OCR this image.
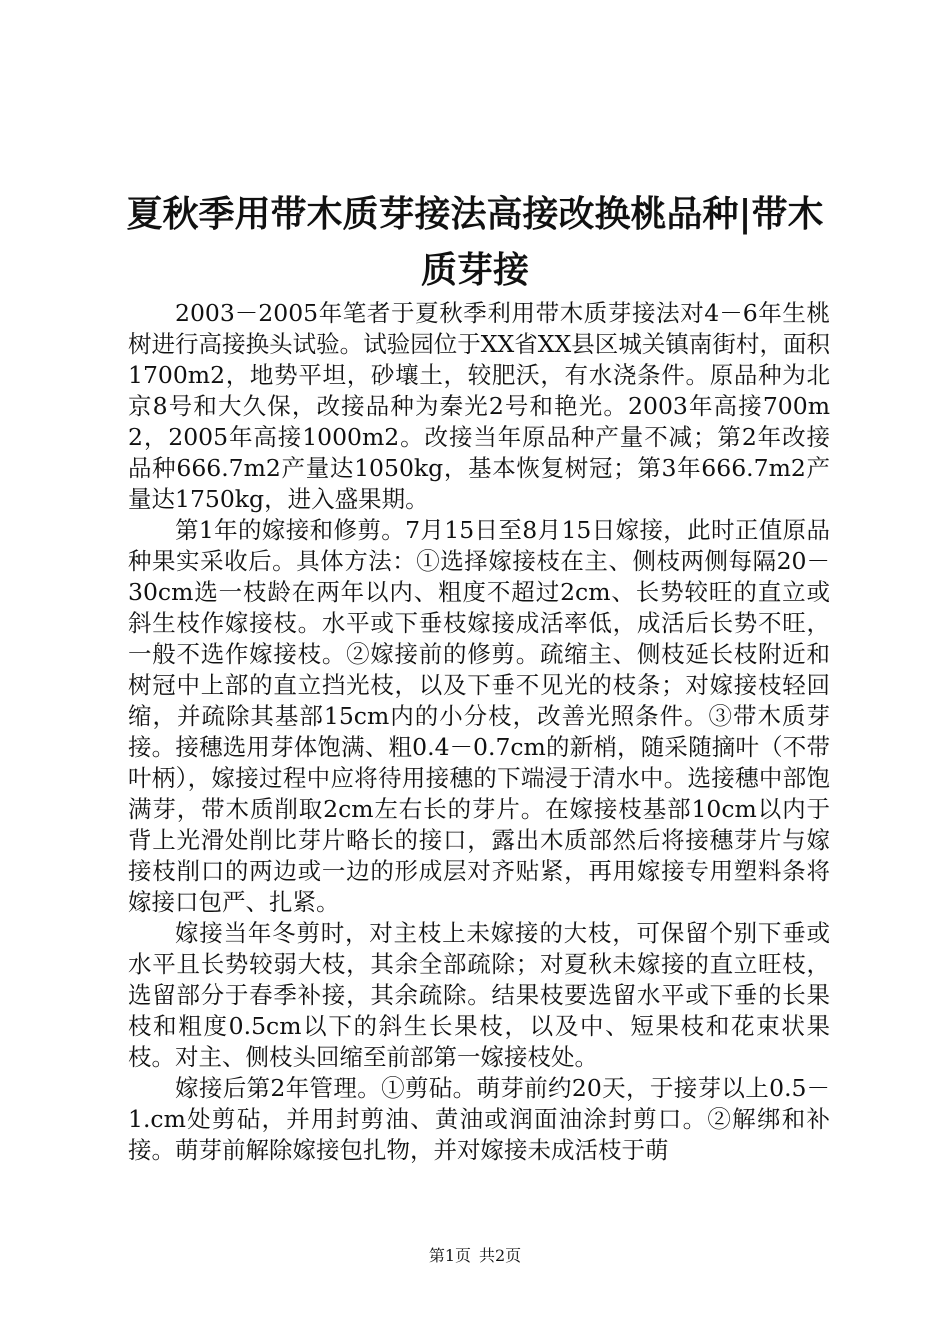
夏秋季用带木质芽接法高接改换桃品种|带木质芽接

2003－2005年笔者于夏秋季利用带木质芽接法对4－6年生桃树进行高接换头试验。试验园位于XX省XX县区城关镇南街村，面积1700m2，地势平坦，砂壤土，较肥沃，有水浇条件。原品种为北京8号和大久保，改接品种为秦光2号和艳光。2003年高接700m2，2005年高接1000m2。改接当年原品种产量不减；第2年改接品种666.7m2产量达1050kg，基本恢复树冠；第3年666.7m2产量达1750kg，进入盛果期。

第1年的嫁接和修剪。7月15日至8月15日嫁接，此时正值原品种果实采收后。具体方法：①选择嫁接枝在主、侧枝两侧每隔20－30cm选一枝龄在两年以内、粗度不超过2cm、长势较旺的直立或斜生枝作嫁接枝。水平或下垂枝嫁接成活率低，成活后长势不旺，一般不选作嫁接枝。②嫁接前的修剪。疏缩主、侧枝延长枝附近和树冠中上部的直立挡光枝，以及下垂不见光的枝条；对嫁接枝轻回缩，并疏除其基部15cm内的小分枝，改善光照条件。③带木质芽接。接穗选用芽体饱满、粗0.4－0.7cm的新梢，随采随摘叶（不带叶柄），嫁接过程中应将待用接穗的下端浸于清水中。选接穗中部饱满芽，带木质削取2cm左右长的芽片。在嫁接枝基部10cm以内于背上光滑处削比芽片略长的接口，露出木质部然后将接穗芽片与嫁接枝削口的两边或一边的形成层对齐贴紧，再用嫁接专用塑料条将嫁接口包严、扎紧。

嫁接当年冬剪时，对主枝上未嫁接的大枝，可保留个别下垂或水平且长势较弱大枝，其余全部疏除；对夏秋未嫁接的直立旺枝，选留部分于春季补接，其余疏除。结果枝要选留水平或下垂的长果枝和粗度0.5cm以下的斜生长果枝，以及中、短果枝和花束状果枝。对主、侧枝头回缩至前部第一嫁接枝处。

嫁接后第2年管理。①剪砧。萌芽前约20天，于接芽以上0.5－1.cm处剪砧，并用封剪油、黄油或润面油涂封剪口。②解绑和补接。萌芽前解除嫁接包扎物，并对嫁接未成活枝于萌

第1页 共2页
